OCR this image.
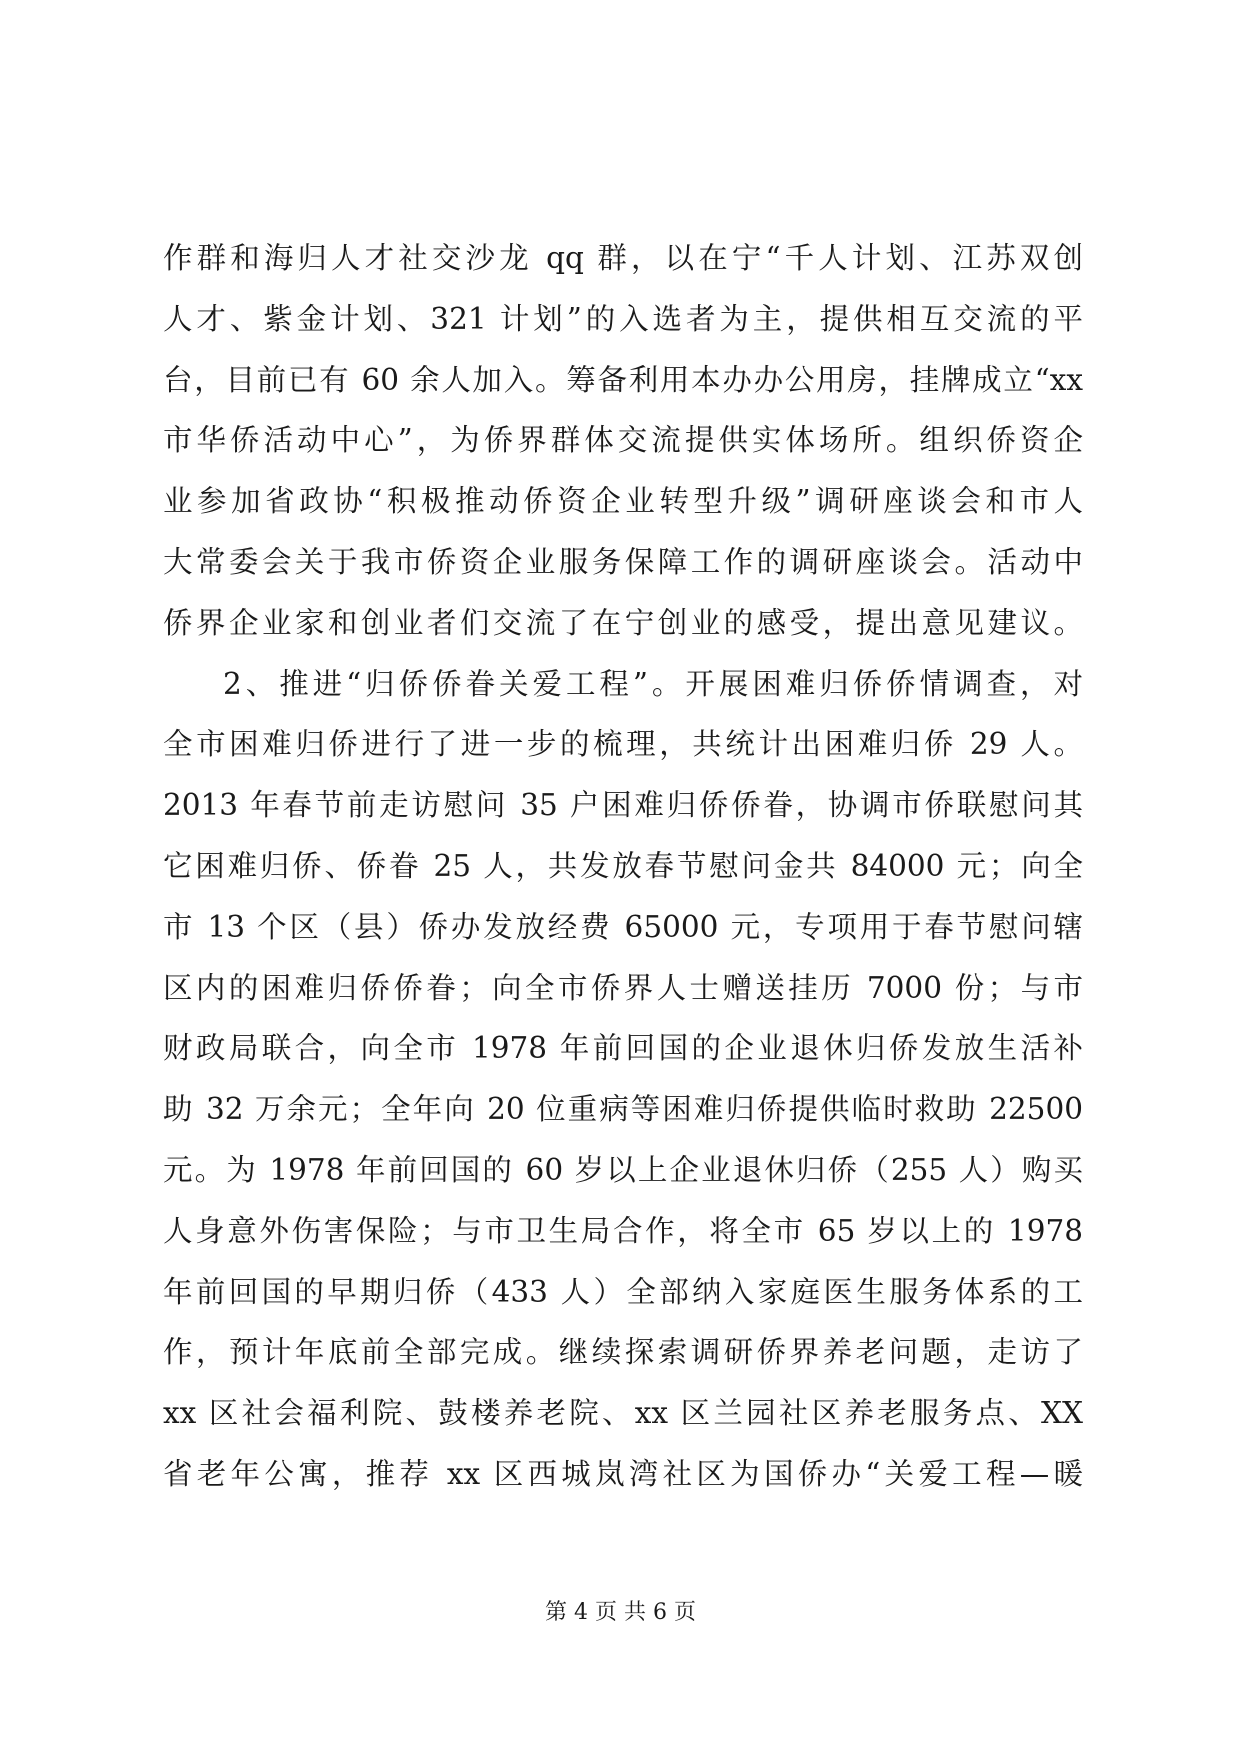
作群和海归人才社交沙龙 qq 群，以在宁“千人计划、江苏双创
人才、紫金计划、321 计划”的入选者为主，提供相互交流的平
台，目前已有 60 余人加入。筹备利用本办办公用房，挂牌成立“xx
市华侨活动中心”，为侨界群体交流提供实体场所。组织侨资企
业参加省政协“积极推动侨资企业转型升级”调研座谈会和市人
大常委会关于我市侨资企业服务保障工作的调研座谈会。活动中
侨界企业家和创业者们交流了在宁创业的感受，提出意见建议。
2、推进“归侨侨眷关爱工程”。开展困难归侨侨情调查，对
全市困难归侨进行了进一步的梳理，共统计出困难归侨 29 人。
2013 年春节前走访慰问 35 户困难归侨侨眷，协调市侨联慰问其
它困难归侨、侨眷 25 人，共发放春节慰问金共 84000 元；向全
市 13 个区（县）侨办发放经费 65000 元，专项用于春节慰问辖
区内的困难归侨侨眷；向全市侨界人士赠送挂历 7000 份；与市
财政局联合，向全市 1978 年前回国的企业退休归侨发放生活补
助 32 万余元；全年向 20 位重病等困难归侨提供临时救助 22500
元。为 1978 年前回国的 60 岁以上企业退休归侨（255 人）购买
人身意外伤害保险；与市卫生局合作，将全市 65 岁以上的 1978
年前回国的早期归侨（433 人）全部纳入家庭医生服务体系的工
作，预计年底前全部完成。继续探索调研侨界养老问题，走访了
xx 区社会福利院、鼓楼养老院、xx 区兰园社区养老服务点、XX
省老年公寓，推荐 xx 区西城岚湾社区为国侨办“关爱工程—暖
第 4 页 共 6 页
